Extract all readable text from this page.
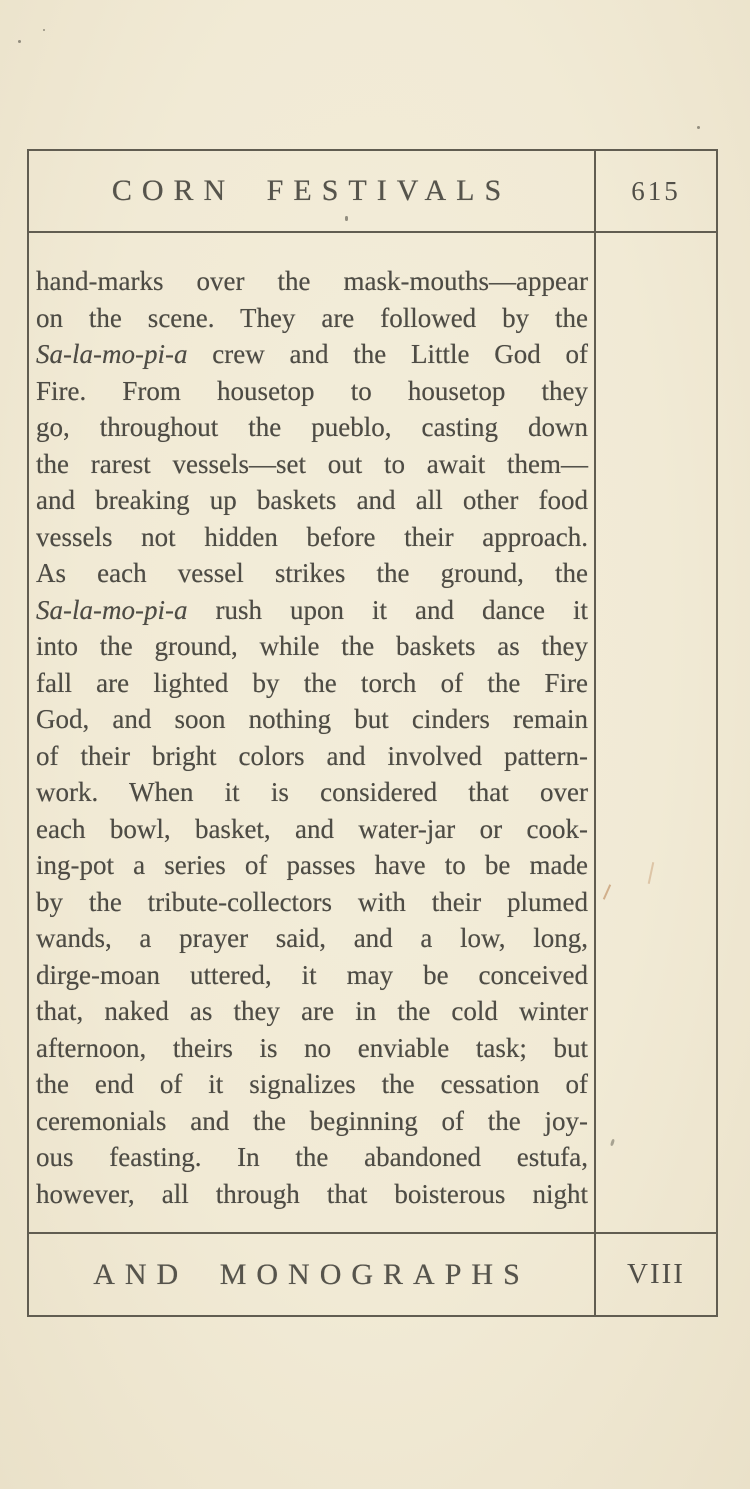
CORN FESTIVALS	615
hand-marks over the mask-mouths—appear
on the scene. They are followed by the
Sa-la-mo-pi-a crew and the Little God of
Fire. From housetop to housetop they
go, throughout the pueblo, casting down
the rarest vessels—set out to await them—
and breaking up baskets and all other food
vessels not hidden before their approach.
As each vessel strikes the ground, the
Sa-la-mo-pi-a rush upon it and dance it
into the ground, while the baskets as they
fall are lighted by the torch of the Fire
God, and soon nothing but cinders remain
of their bright colors and involved pattern-
work. When it is considered that over
each bowl, basket, and water-jar or cook-
ing-pot a series of passes have to be made
by the tribute-collectors with their plumed
wands, a prayer said, and a low, long,
dirge-moan uttered, it may be conceived
that, naked as they are in the cold winter
afternoon, theirs is no enviable task; but
the end of it signalizes the cessation of
ceremonials and the beginning of the joy-
ous feasting. In the abandoned estufa,
however, all through that boisterous night
AND MONOGRAPHS	VIII
